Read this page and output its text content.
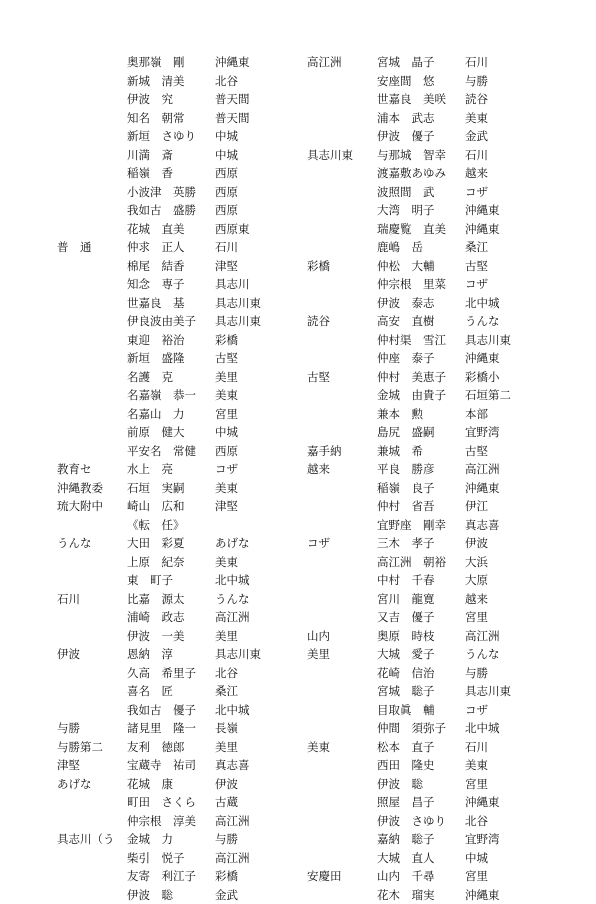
奥那嶺　剛	沖縄東
新城　清美	北谷
伊波　究	普天間
知名　朝常	普天間
新垣　さゆり	中城
川満　斎	中城
稲嶺　香	西原
小波津　英勝	西原
我如古　盛勝	西原
花城　直美	西原東
普　通	仲求　正人	石川
棉尾　結香	津堅
知念　専子	具志川
世嘉良　基	具志川東
伊良波由美子	具志川東
東迎　裕治	彩橋
新垣　盛隆	古堅
名護　克	美里
名嘉嶺　恭一	美東
名嘉山　力	宮里
前原　健大	中城
平安名　常健	西原
教育セ	水上　亮	コザ
沖縄教委	石垣　実嗣	美東
琉大附中	崎山　広和	津堅
《転　任》
うんな	大田　彩夏	あげな
上原　紀奈	美東
東　町子	北中城
石川	比嘉　源太	うんな
浦崎　政志	高江洲
伊波　一美	美里
伊波	恩納　淳	具志川東
久高　希里子	北谷
喜名　匠	桑江
我如古　優子	北中城
与勝	諸見里　隆一	長嶺
与勝第二	友利　徳郎	美里
津堅	宝蔵寺　祐司	真志喜
あげな	花城　康	伊波
町田　さくら	古蔵
仲宗根　淳美	高江洲
具志川（う	金城　力	与勝
柴引　悦子	高江洲
友寄　利江子	彩橋
伊波　聡	金武
高江洲	宮城　晶子	石川
安座間　悠	与勝
世嘉良　美咲	読谷
浦本　武志	美東
伊波　優子	金武
具志川東	与那城　智幸	石川
渡嘉敷あゆみ	越来
波照間　武	コザ
大湾　明子	沖縄東
瑞慶覧　直美	沖縄東
鹿嶋　岳	桑江
彩橋	仲松　大輔	古堅
仲宗根　里菜	コザ
伊波　泰志	北中城
読谷	高安　直樹	うんな
仲村渠　雪江	具志川東
仲座　泰子	沖縄東
古堅	仲村　美恵子	彩橋小
金城　由貴子	石垣第二
兼本　勲	本部
島尻　盛嗣	宜野湾
嘉手納	兼城　希	古堅
越来	平良　勝彦	高江洲
稲嶺　良子	沖縄東
仲村　省吾	伊江
宜野座　剛幸	真志喜
コザ	三木　孝子	伊波
高江洲　朝裕	大浜
中村　千春	大原
宮川　龍寛	越来
又吉　優子	宮里
山内	奥原　時枝	高江洲
美里	大城　愛子	うんな
花崎　信治	与勝
宮城　聡子	具志川東
目取眞　輔	コザ
仲間　須弥子	北中城
美東	松本　直子	石川
西田　隆史	美東
伊波　聡	宮里
照屋　昌子	沖縄東
伊波　さゆり	北谷
嘉納　聡子	宜野湾
大城　直人	中城
安慶田	山内　千尋	宮里
花木　瑠実	沖縄東
